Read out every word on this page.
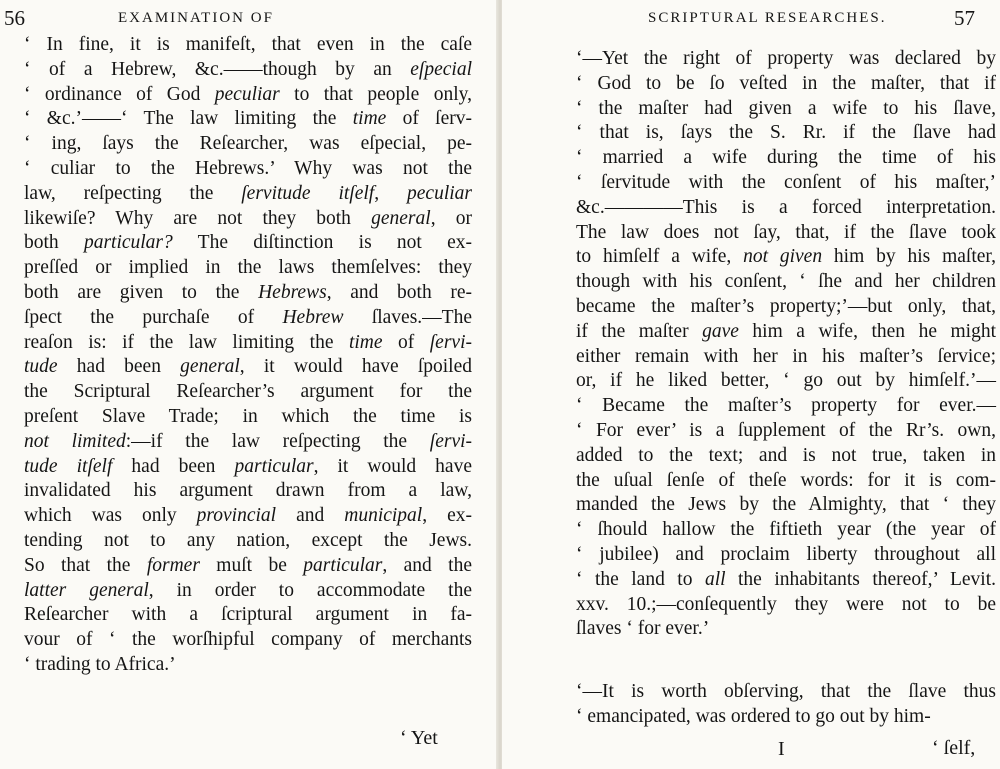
56	EXAMINATION OF
‘ In fine, it is manifeſt, that even in the caſe
‘ of a Hebrew, &c.——though by an eſpecial
‘ ordinance of God peculiar to that people only,
‘ &c.’——‘ The law limiting the time of ſerv-
‘ ing, ſays the Reſearcher, was eſpecial, pe-
‘ culiar to the Hebrews.’ Why was not the
law, reſpecting the ſervitude itſelf, peculiar
likewiſe? Why are not they both general, or
both particular? The diſtinction is not ex-
preſſed or implied in the laws themſelves: they
both are given to the Hebrews, and both re-
ſpect the purchaſe of Hebrew ſlaves.—The
reaſon is: if the law limiting the time of ſervi-
tude had been general, it would have ſpoiled
the Scriptural Reſearcher’s argument for the
preſent Slave Trade; in which the time is
not limited:—if the law reſpecting the ſervi-
tude itſelf had been particular, it would have
invalidated his argument drawn from a law,
which was only provincial and municipal, ex-
tending not to any nation, except the Jews.
So that the former muſt be particular, and the
latter general, in order to accommodate the
Reſearcher with a ſcriptural argument in fa-
vour of ‘ the worſhipful company of merchants
‘ trading to Africa.’
‘ Yet
SCRIPTURAL RESEARCHES.	57
‘—Yet the right of property was declared by
‘ God to be ſo veſted in the maſter, that if
‘ the maſter had given a wife to his ſlave,
‘ that is, ſays the S. Rr. if the ſlave had
‘ married a wife during the time of his
‘ ſervitude with the conſent of his maſter,’
&c.————This is a forced interpretation.
The law does not ſay, that, if the ſlave took
to himſelf a wife, not given him by his maſter,
though with his conſent, ‘ ſhe and her children
became the maſter’s property;’—but only, that,
if the maſter gave him a wife, then he might
either remain with her in his maſter’s ſervice;
or, if he liked better, ‘ go out by himſelf.’—
‘ Became the maſter’s property for ever.—
‘ For ever’ is a ſupplement of the Rr’s. own,
added to the text; and is not true, taken in
the uſual ſenſe of theſe words: for it is com-
manded the Jews by the Almighty, that ‘ they
‘ ſhould hallow the fiftieth year (the year of
‘ jubilee) and proclaim liberty throughout all
‘ the land to all the inhabitants thereof,’ Levit.
xxv. 10.;—conſequently they were not to be
ſlaves ‘ for ever.’
‘—It is worth obſerving, that the ſlave thus
‘ emancipated, was ordered to go out by him-
I	‘ ſelf,
